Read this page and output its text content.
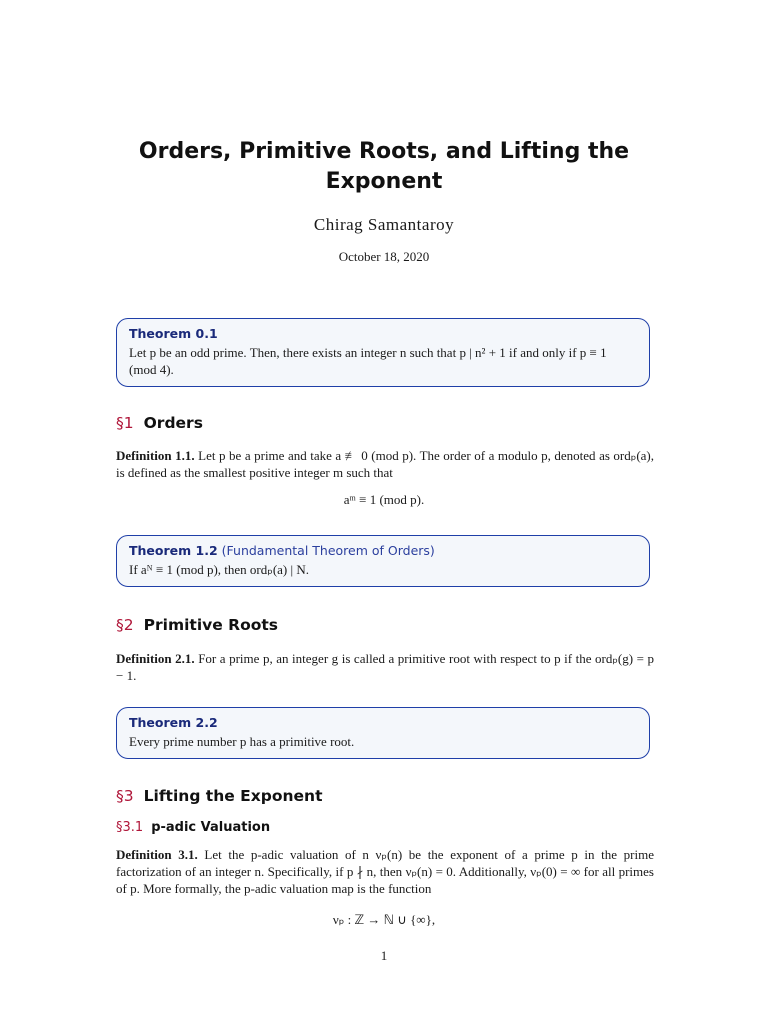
Orders, Primitive Roots, and Lifting the Exponent
Chirag Samantaroy
October 18, 2020
Theorem 0.1
Let p be an odd prime. Then, there exists an integer n such that p | n² + 1 if and only if p ≡ 1 (mod 4).
§1 Orders
Definition 1.1. Let p be a prime and take a ≢ 0 (mod p). The order of a modulo p, denoted as ordₚ(a), is defined as the smallest positive integer m such that
aᵐ ≡ 1 (mod p).
Theorem 1.2 (Fundamental Theorem of Orders)
If aᴺ ≡ 1 (mod p), then ordₚ(a) | N.
§2 Primitive Roots
Definition 2.1. For a prime p, an integer g is called a primitive root with respect to p if the ordₚ(g) = p − 1.
Theorem 2.2
Every prime number p has a primitive root.
§3 Lifting the Exponent
§3.1 p-adic Valuation
Definition 3.1. Let the p-adic valuation of n νₚ(n) be the exponent of a prime p in the prime factorization of an integer n. Specifically, if p ∤ n, then νₚ(n) = 0. Additionally, νₚ(0) = ∞ for all primes of p. More formally, the p-adic valuation map is the function
νₚ : ℤ → ℕ ∪ {∞},
1
